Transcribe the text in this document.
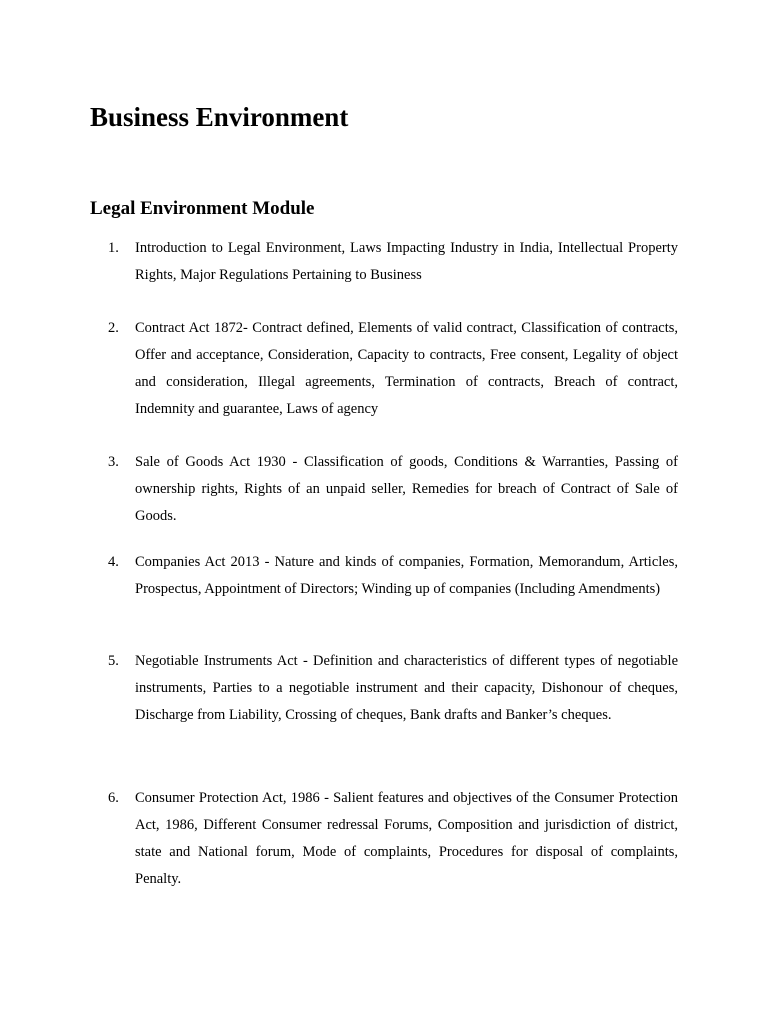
Business Environment
Legal Environment Module
1.	Introduction to Legal Environment, Laws Impacting Industry in India, Intellectual Property Rights, Major Regulations Pertaining to Business
2.	Contract Act 1872- Contract defined, Elements of valid contract, Classification of contracts, Offer and acceptance, Consideration, Capacity to contracts, Free consent, Legality of object and consideration, Illegal agreements, Termination of contracts, Breach of contract, Indemnity and guarantee, Laws of agency
3.	Sale of Goods Act 1930 - Classification of goods, Conditions & Warranties, Passing of ownership rights, Rights of an unpaid seller, Remedies for breach of Contract of Sale of Goods.
4.	Companies Act 2013 - Nature and kinds of companies, Formation, Memorandum, Articles, Prospectus, Appointment of Directors; Winding up of companies (Including Amendments)
5.	Negotiable Instruments Act - Definition and characteristics of different types of negotiable instruments, Parties to a negotiable instrument and their capacity, Dishonour of cheques, Discharge from Liability, Crossing of cheques, Bank drafts and Banker’s cheques.
6.	Consumer Protection Act, 1986 - Salient features and objectives of the Consumer Protection Act, 1986, Different Consumer redressal Forums, Composition and jurisdiction of district, state and National forum, Mode of complaints, Procedures for disposal of complaints, Penalty.
